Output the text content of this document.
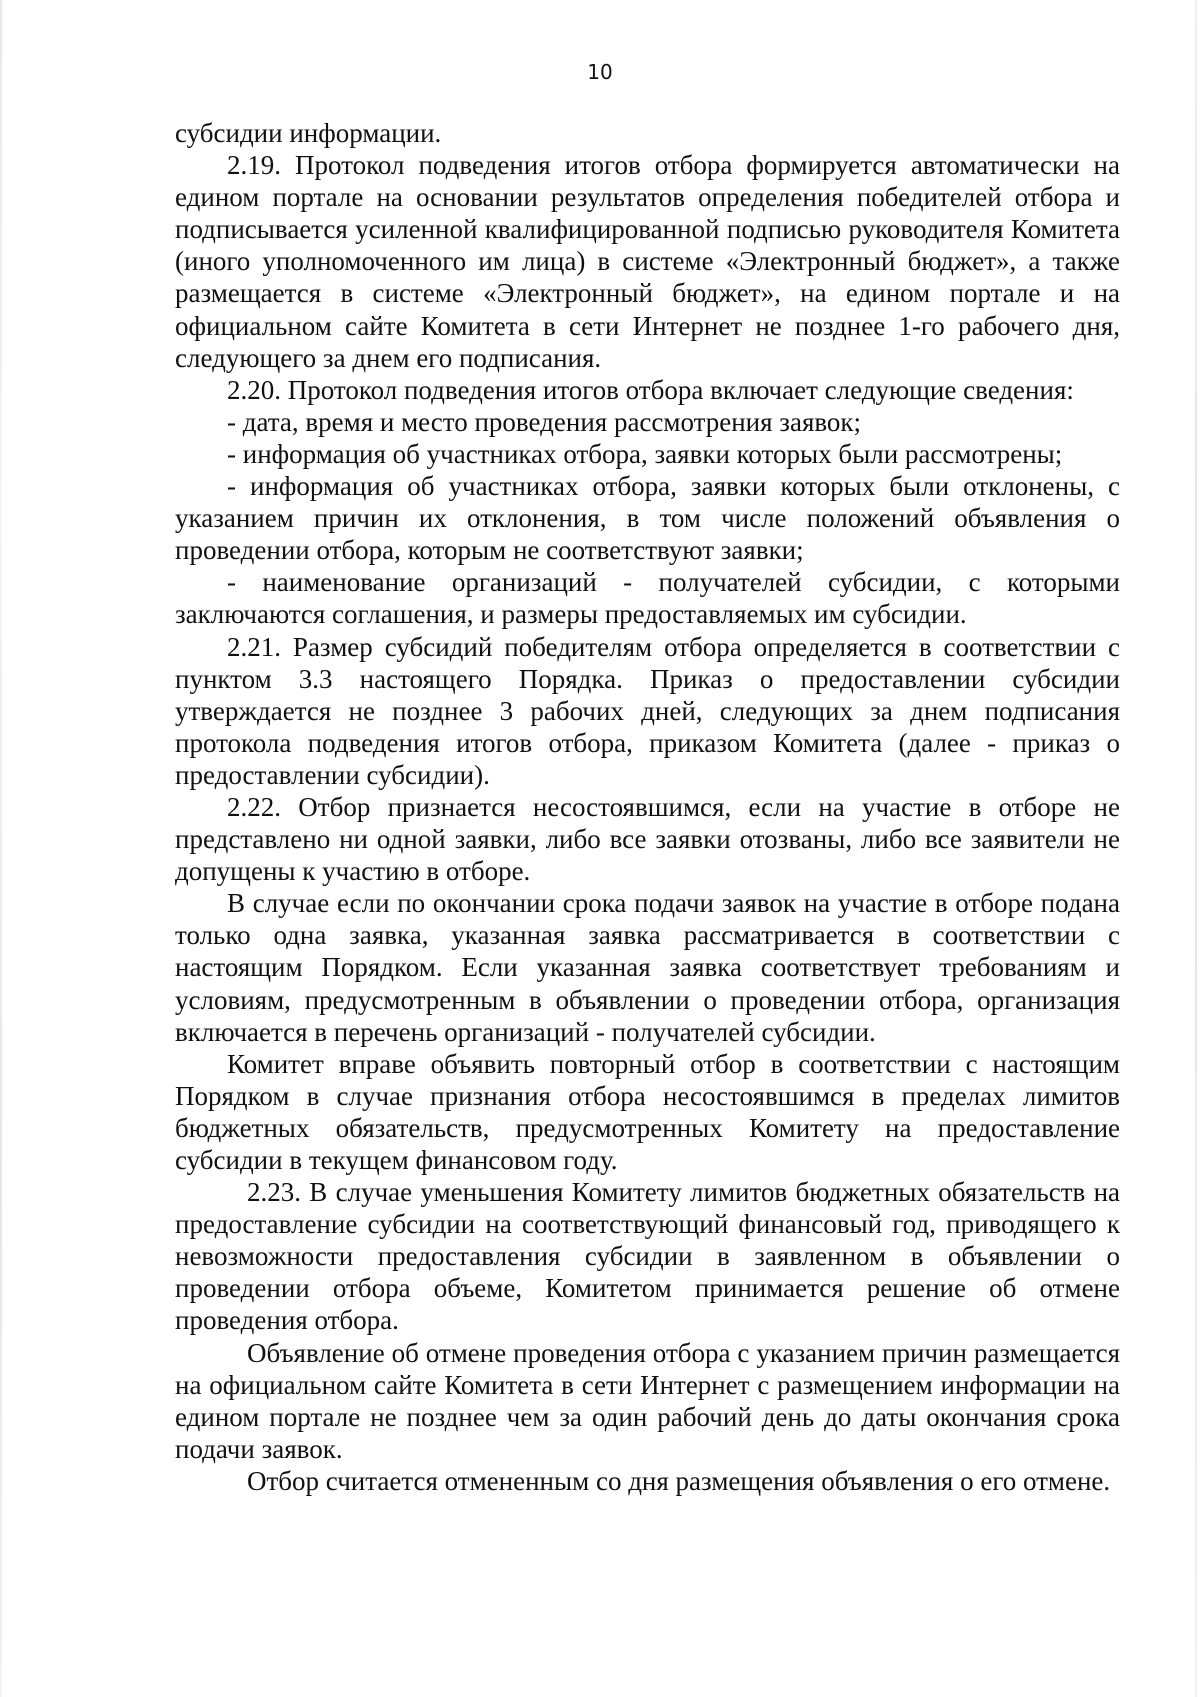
10

субсидии информации.

2.19. Протокол подведения итогов отбора формируется автоматически на едином портале на основании результатов определения победителей отбора и подписывается усиленной квалифицированной подписью руководителя Комитета (иного уполномоченного им лица) в системе «Электронный бюджет», а также размещается в системе «Электронный бюджет», на едином портале и на официальном сайте Комитета в сети Интернет не позднее 1-го рабочего дня, следующего за днем его подписания.

2.20. Протокол подведения итогов отбора включает следующие сведения:

- дата, время и место проведения рассмотрения заявок;

- информация об участниках отбора, заявки которых были рассмотрены;

- информация об участниках отбора, заявки которых были отклонены, с указанием причин их отклонения, в том числе положений объявления о проведении отбора, которым не соответствуют заявки;

- наименование организаций - получателей субсидии, с которыми заключаются соглашения, и размеры предоставляемых им субсидии.

2.21. Размер субсидий победителям отбора определяется в соответствии с пунктом 3.3 настоящего Порядка. Приказ о предоставлении субсидии утверждается не позднее 3 рабочих дней, следующих за днем подписания протокола подведения итогов отбора, приказом Комитета (далее - приказ о предоставлении субсидии).

2.22. Отбор признается несостоявшимся, если на участие в отборе не представлено ни одной заявки, либо все заявки отозваны, либо все заявители не допущены к участию в отборе.

В случае если по окончании срока подачи заявок на участие в отборе подана только одна заявка, указанная заявка рассматривается в соответствии с настоящим Порядком. Если указанная заявка соответствует требованиям и условиям, предусмотренным в объявлении о проведении отбора, организация включается в перечень организаций - получателей субсидии.

Комитет вправе объявить повторный отбор в соответствии с настоящим Порядком в случае признания отбора несостоявшимся в пределах лимитов бюджетных обязательств, предусмотренных Комитету на предоставление субсидии в текущем финансовом году.

2.23. В случае уменьшения Комитету лимитов бюджетных обязательств на предоставление субсидии на соответствующий финансовый год, приводящего к невозможности предоставления субсидии в заявленном в объявлении о проведении отбора объеме, Комитетом принимается решение об отмене проведения отбора.

Объявление об отмене проведения отбора с указанием причин размещается на официальном сайте Комитета в сети Интернет с размещением информации на едином портале не позднее чем за один рабочий день до даты окончания срока подачи заявок.

Отбор считается отмененным со дня размещения объявления о его отмене.
